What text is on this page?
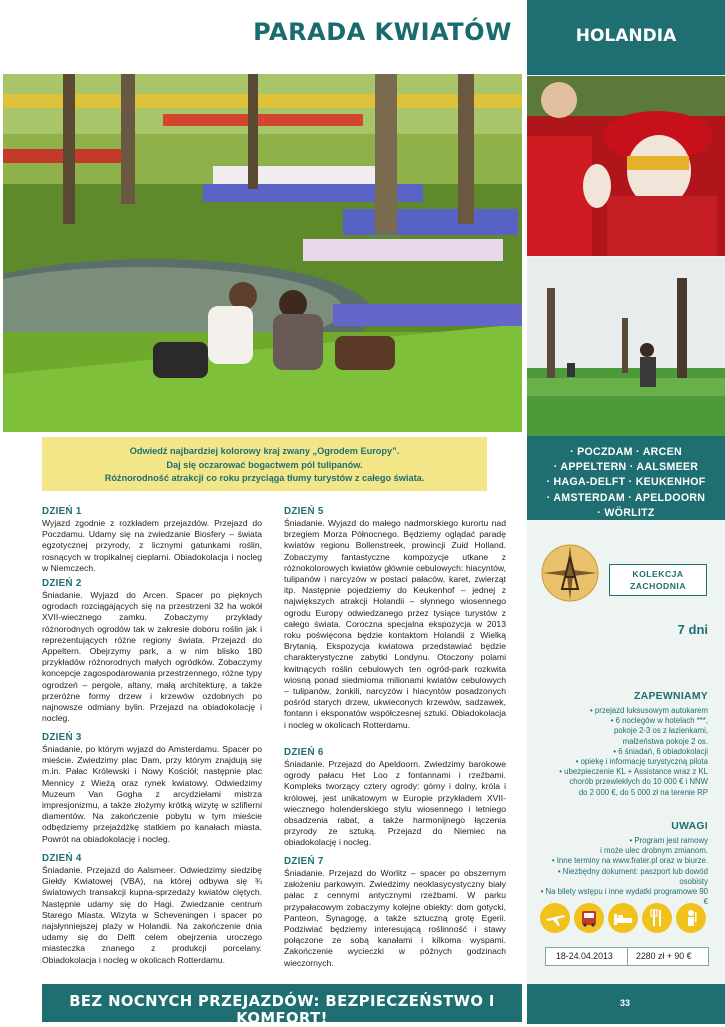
PARADA KWIATÓW	HOLANDIA
Odwiedź najbardziej kolorowy kraj zwany „Ogrodem Europy”.
Daj się oczarować bogactwem pól tulipanów.
Różnorodność atrakcji co roku przyciąga tłumy turystów z całego świata.
· POCZDAM · ARCEN
· APPELTERN · AALSMEER
· HAGA-DELFT · KEUKENHOF
· AMSTERDAM · APELDOORN
· WÖRLITZ
DZIEŃ 1
Wyjazd zgodnie z rozkładem przejazdów. Przejazd do Poczdamu. Udamy się na zwiedzanie Biosfery – świata egzotycznej przyrody, z licznymi gatunkami roślin, rosnących w tropikalnej cieplarni. Obiadokolacja i nocleg w Niemczech.
DZIEŃ 2
Śniadanie. Wyjazd do Arcen. Spacer po pięknych ogrodach rozciągających się na przestrzeni 32 ha wokół XVII-wiecznego zamku. Zobaczymy przykłady różnorodnych ogrodów tak w zakresie doboru roślin jak i reprezentujących różne regiony świata. Przejazd do Appeltern. Obejrzymy park, a w nim blisko 180 przykładów różnorodnych małych ogródków. Zobaczymy koncepcje zagospodarowania przestrzennego, różne typy ogrodzeń – pergole, altany, małą architekturę, a także przeróżne formy drzew i krzewów ozdobnych po najnowsze odmiany bylin. Przejazd na obiadokolację i nocleg.
DZIEŃ 3
Śniadanie, po którym wyjazd do Amsterdamu. Spacer po mieście. Zwiedzimy plac Dam, przy którym znajdują się m.in. Pałac Królewski i Nowy Kościół; następnie plac Mennicy z Wieżą oraz rynek kwiatowy. Odwiedzimy Muzeum Van Gogha z arcydziełami mistrza impresjonizmu, a także złożymy krótką wizytę w szlifierni diamentów. Na zakończenie pobytu w tym mieście odbędziemy przejażdżkę statkiem po kanałach miasta. Powrót na obiadokolację i nocleg.
DZIEŃ 4
Śniadanie. Przejazd do Aalsmeer. Odwiedzimy siedzibę Giełdy Kwiatowej (VBA), na której odbywa się ¾ światowych transakcji kupna-sprzedaży kwiatów ciętych. Następnie udamy się do Hagi. Zwiedzanie centrum Starego Miasta. Wizyta w Scheveningen i spacer po najsłynniejszej plaży w Holandii. Na zakończenie dnia udamy się do Delft celem obejrzenia uroczego miasteczka znanego z produkcji porcelany. Obiadokolacja i nocleg w okolicach Rotterdamu.
DZIEŃ 5
Śniadanie. Wyjazd do małego nadmorskiego kurortu nad brzegiem Morza Północnego. Będziemy oglądać paradę kwiatów regionu Bollenstreek, prowincji Zuid Holland. Zobaczymy fantastyczne kompozycje utkane z różnokolorowych kwiatów głównie cebulowych: hiacyntów, tulipanów i narcyzów w postaci pałaców, karet, zwierząt itp. Następnie pojedziemy do Keukenhof – jednej z największych atrakcji Holandii – słynnego wiosennego ogrodu Europy odwiedzanego przez tysiące turystów z całego świata. Coroczna specjalna ekspozycja w 2013 roku poświęcona będzie kontaktom Holandii z Wielką Brytanią. Ekspozycja kwiatowa przedstawiać będzie charakterystyczne zabytki Londynu. Otoczony polami kwitnących roślin cebulowych ten ogród-park rozkwita wiosną ponad siedmioma milionami kwiatów cebulowych – tulipanów, żonkili, narcyzów i hiacyntów posadzonych pośród starych drzew, ukwieconych krzewów, sadzawek, fontann i eksponatów współczesnej sztuki. Obiadokolacja i nocleg w okolicach Rotterdamu.
DZIEŃ 6
Śniadanie. Przejazd do Apeldoorn. Zwiedzimy barokowe ogrody pałacu Het Loo z fontannami i rzeźbami. Kompleks tworzący cztery ogrody: górny i dolny, króla i królowej, jest unikatowym w Europie przykładem XVII-wiecznego holenderskiego stylu wiosennego i letniego obsadzenia rabat, a także harmonijnego łączenia przyrody ze sztuką. Przejazd do Niemiec na obiadokolację i nocleg.
DZIEŃ 7
Śniadanie. Przejazd do Worlitz – spacer po obszernym założeniu parkowym. Zwiedzimy neoklasycystyczny biały pałac z cennymi antycznymi rzeźbami. W parku przypałacowym zobaczymy kolejne obiekty: dom gotycki, Panteon, Synagogę, a także sztuczną grotę Egerii. Podziwiać będziemy interesującą roślinność i stawy połączone ze sobą kanałami i kilkoma wyspami. Zakończenie wycieczki w późnych godzinach wieczornych.
KOLEKCJA
ZACHODNIA
7 dni
ZAPEWNIAMY
• przejazd luksusowym autokarem
• 6 noclegów w hotelach ***,
pokoje 2-3 os z łazienkami,
małżeństwa pokoje 2 os.
• 6 śniadań, 6 obiadokolacji
• opiekę i informację turystyczną pilota
• ubezpieczenie KL + Assistance wraz z KL
chorób przewlekłych do 10 000 € i NNW
do 2 000 €, do 5 000 zł na terenie RP
UWAGI
• Program jest ramowy
i może ulec drobnym zmianom.
• Inne terminy na www.frater.pl oraz w biurze.
• Niezbędny dokument: paszport lub dowód osobisty
• Na bilety wstępu i inne wydatki programowe 90 €
18-24.04.2013	2280 zł + 90 €
BEZ NOCNYCH PRZEJAZDÓW: BEZPIECZEŃSTWO I KOMFORT!
33
